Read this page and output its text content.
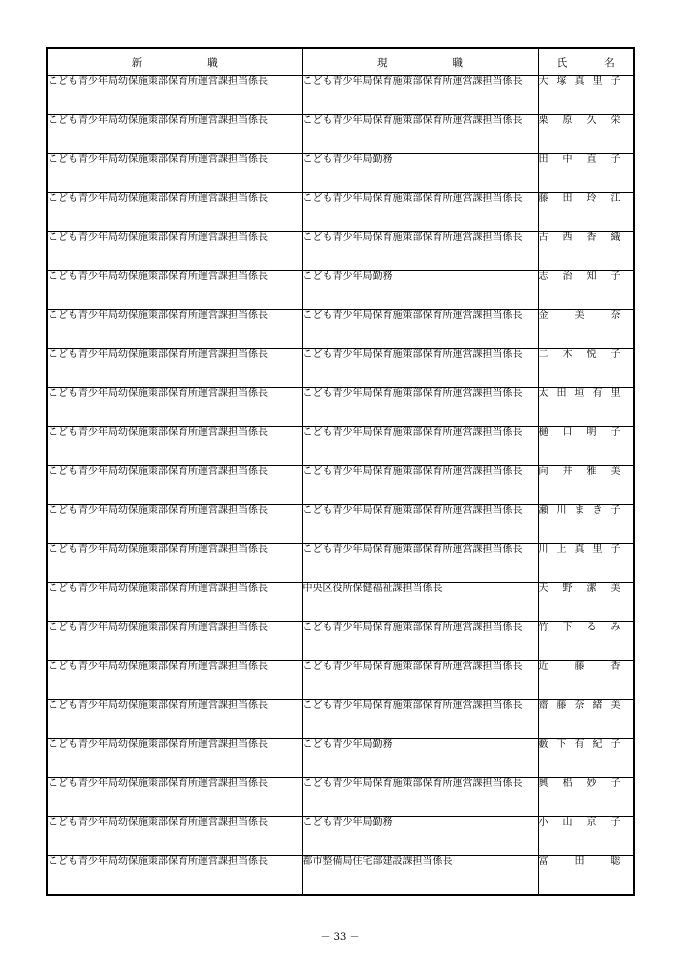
新 職	現 職	氏 名

こども青少年局幼保施策部保育所運営課担当係長	こども青少年局保育施策部保育所運営課担当係長	大 塚 真 里 子

こども青少年局幼保施策部保育所運営課担当係長	こども青少年局保育施策部保育所運営課担当係長	栗 原 久 栄

こども青少年局幼保施策部保育所運営課担当係長	こども青少年局勤務	田 中 直 子

こども青少年局幼保施策部保育所運営課担当係長	こども青少年局保育施策部保育所運営課担当係長	藤 田 玲 江

こども青少年局幼保施策部保育所運営課担当係長	こども青少年局保育施策部保育所運営課担当係長	古 西 香 織

こども青少年局幼保施策部保育所運営課担当係長	こども青少年局勤務	志 治 知 子

こども青少年局幼保施策部保育所運営課担当係長	こども青少年局保育施策部保育所運営課担当係長	金 美 奈

こども青少年局幼保施策部保育所運営課担当係長	こども青少年局保育施策部保育所運営課担当係長	二 木 悦 子

こども青少年局幼保施策部保育所運営課担当係長	こども青少年局保育施策部保育所運営課担当係長	太 田 垣 有 里

こども青少年局幼保施策部保育所運営課担当係長	こども青少年局保育施策部保育所運営課担当係長	樋 口 明 子

こども青少年局幼保施策部保育所運営課担当係長	こども青少年局保育施策部保育所運営課担当係長	向 井 雅 美

こども青少年局幼保施策部保育所運営課担当係長	こども青少年局保育施策部保育所運営課担当係長	瀬 川 ま き 子

こども青少年局幼保施策部保育所運営課担当係長	こども青少年局保育施策部保育所運営課担当係長	川 上 真 里 子

こども青少年局幼保施策部保育所運営課担当係長	中央区役所保健福祉課担当係長	天 野 潔 美

こども青少年局幼保施策部保育所運営課担当係長	こども青少年局保育施策部保育所運営課担当係長	竹 下 る み

こども青少年局幼保施策部保育所運営課担当係長	こども青少年局保育施策部保育所運営課担当係長	近 藤 香

こども青少年局幼保施策部保育所運営課担当係長	こども青少年局保育施策部保育所運営課担当係長	齋 藤 奈 緒 美

こども青少年局幼保施策部保育所運営課担当係長	こども青少年局勤務	藪 下 有 紀 子

こども青少年局幼保施策部保育所運営課担当係長	こども青少年局保育施策部保育所運営課担当係長	興 梠 妙 子

こども青少年局幼保施策部保育所運営課担当係長	こども青少年局勤務	小 山 京 子

こども青少年局幼保施策部保育所運営課担当係長	都市整備局住宅部建設課担当係長	富 田 聡
－ 33 －
